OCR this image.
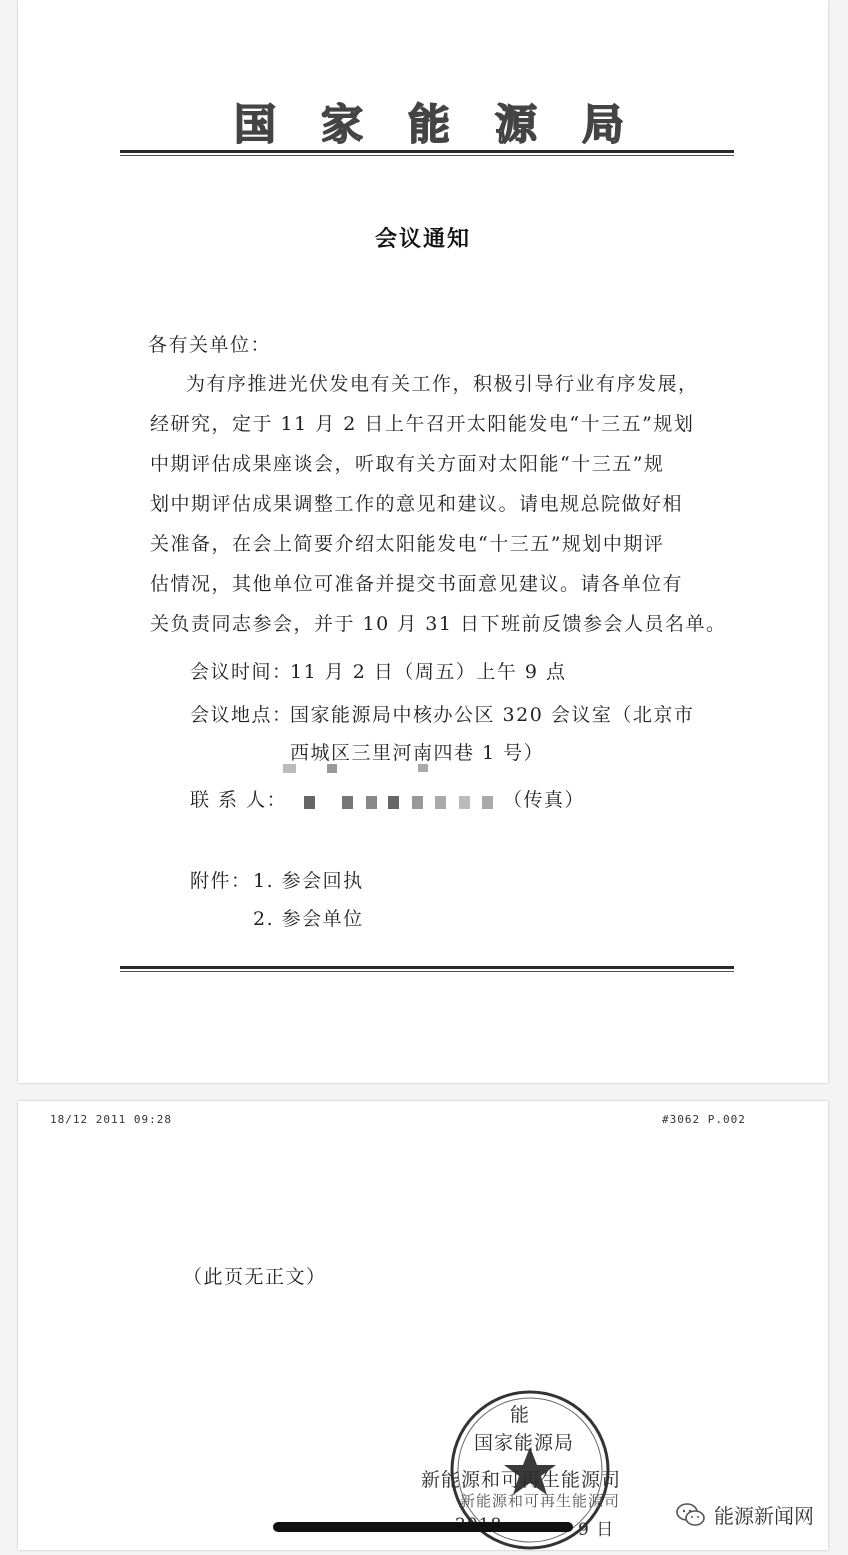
国 家 能 源 局
会议通知
各有关单位：
为有序推进光伏发电有关工作，积极引导行业有序发展，
经研究，定于 11 月 2 日上午召开太阳能发电“十三五”规划
中期评估成果座谈会，听取有关方面对太阳能“十三五”规
划中期评估成果调整工作的意见和建议。请电规总院做好相
关准备，在会上简要介绍太阳能发电“十三五”规划中期评
估情况，其他单位可准备并提交书面意见建议。请各单位有
关负责同志参会，并于 10 月 31 日下班前反馈参会人员名单。
会议时间：
11 月 2 日（周五）上午 9 点
会议地点：
国家能源局中核办公区 320 会议室（北京市
西城区三里河南四巷 1 号）
联 系 人：	（传真）
附件： 1. 参会回执
2. 参会单位
18/12 2011 09:28	#3062 P.002
（此页无正文）
能
国家能源局
新能源和可再生能源司
新能源和可再生能源司
9 日
能源新闻网
